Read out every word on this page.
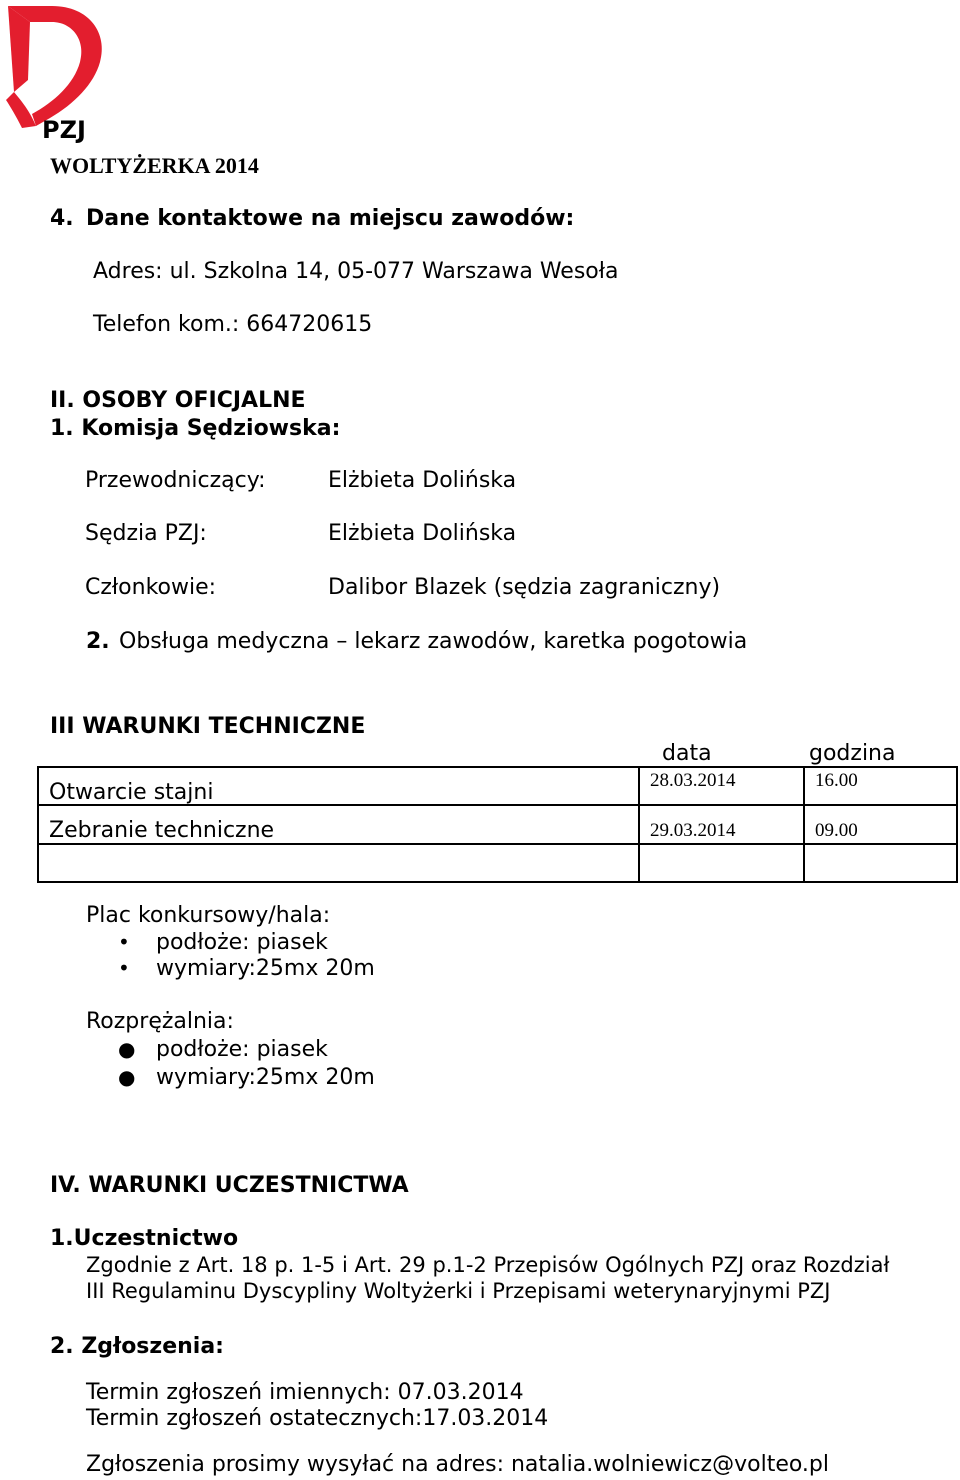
PZJ
WOLTYŻERKA 2014
4. Dane kontaktowe na miejscu zawodów:
Adres: ul. Szkolna 14, 05-077 Warszawa Wesoła
Telefon kom.: 664720615
II. OSOBY OFICJALNE
1. Komisja Sędziowska:
Przewodniczący:	Elżbieta Dolińska
Sędzia PZJ:	Elżbieta Dolińska
Członkowie:	Dalibor Blazek (sędzia zagraniczny)
2. Obsługa medyczna – lekarz zawodów, karetka pogotowia
III WARUNKI TECHNICZNE
data	godzina
Otwarcie stajni	28.03.2014	16.00
Zebranie techniczne	29.03.2014	09.00
Plac konkursowy/hala:
• podłoże: piasek
• wymiary:25mx 20m
Rozprężalnia:
● podłoże: piasek
● wymiary:25mx 20m
IV. WARUNKI UCZESTNICTWA
1.Uczestnictwo
Zgodnie z Art. 18 p. 1-5 i Art. 29 p.1-2 Przepisów Ogólnych PZJ oraz Rozdział
III Regulaminu Dyscypliny Woltyżerki i Przepisami weterynaryjnymi PZJ
2. Zgłoszenia:
Termin zgłoszeń imiennych: 07.03.2014
Termin zgłoszeń ostatecznych:17.03.2014
Zgłoszenia prosimy wysyłać na adres: natalia.wolniewicz@volteo.pl
